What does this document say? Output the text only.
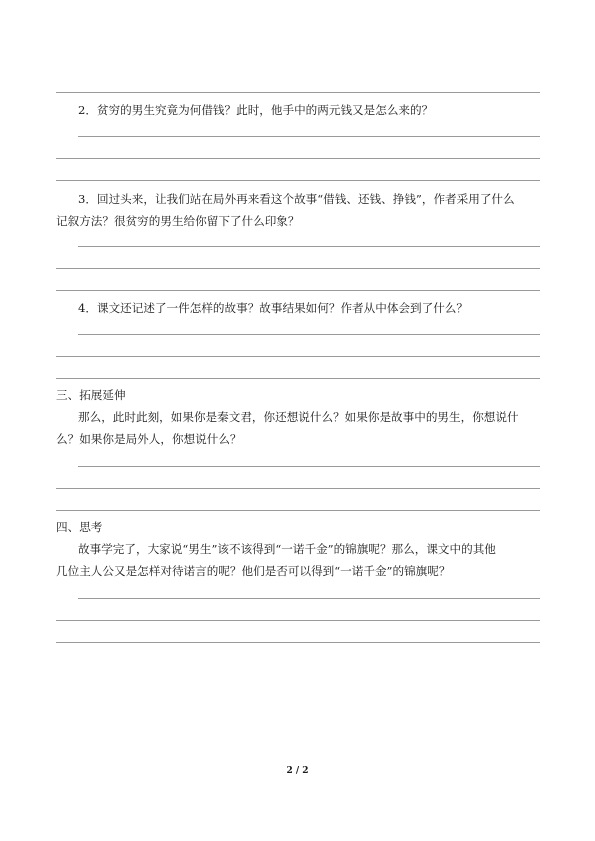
2．贫穷的男生究竟为何借钱？此时，他手中的两元钱又是怎么来的？
3．回过头来，让我们站在局外再来看这个故事“借钱、还钱、挣钱”，作者采用了什么
记叙方法？很贫穷的男生给你留下了什么印象？
4．课文还记述了一件怎样的故事？故事结果如何？作者从中体会到了什么？
三、拓展延伸
那么，此时此刻，如果你是秦文君，你还想说什么？如果你是故事中的男生，你想说什
么？如果你是局外人，你想说什么？
四、思考
故事学完了，大家说“男生”该不该得到“一诺千金”的锦旗呢？那么，课文中的其他
几位主人公又是怎样对待诺言的呢？他们是否可以得到“一诺千金”的锦旗呢？
2 / 2
